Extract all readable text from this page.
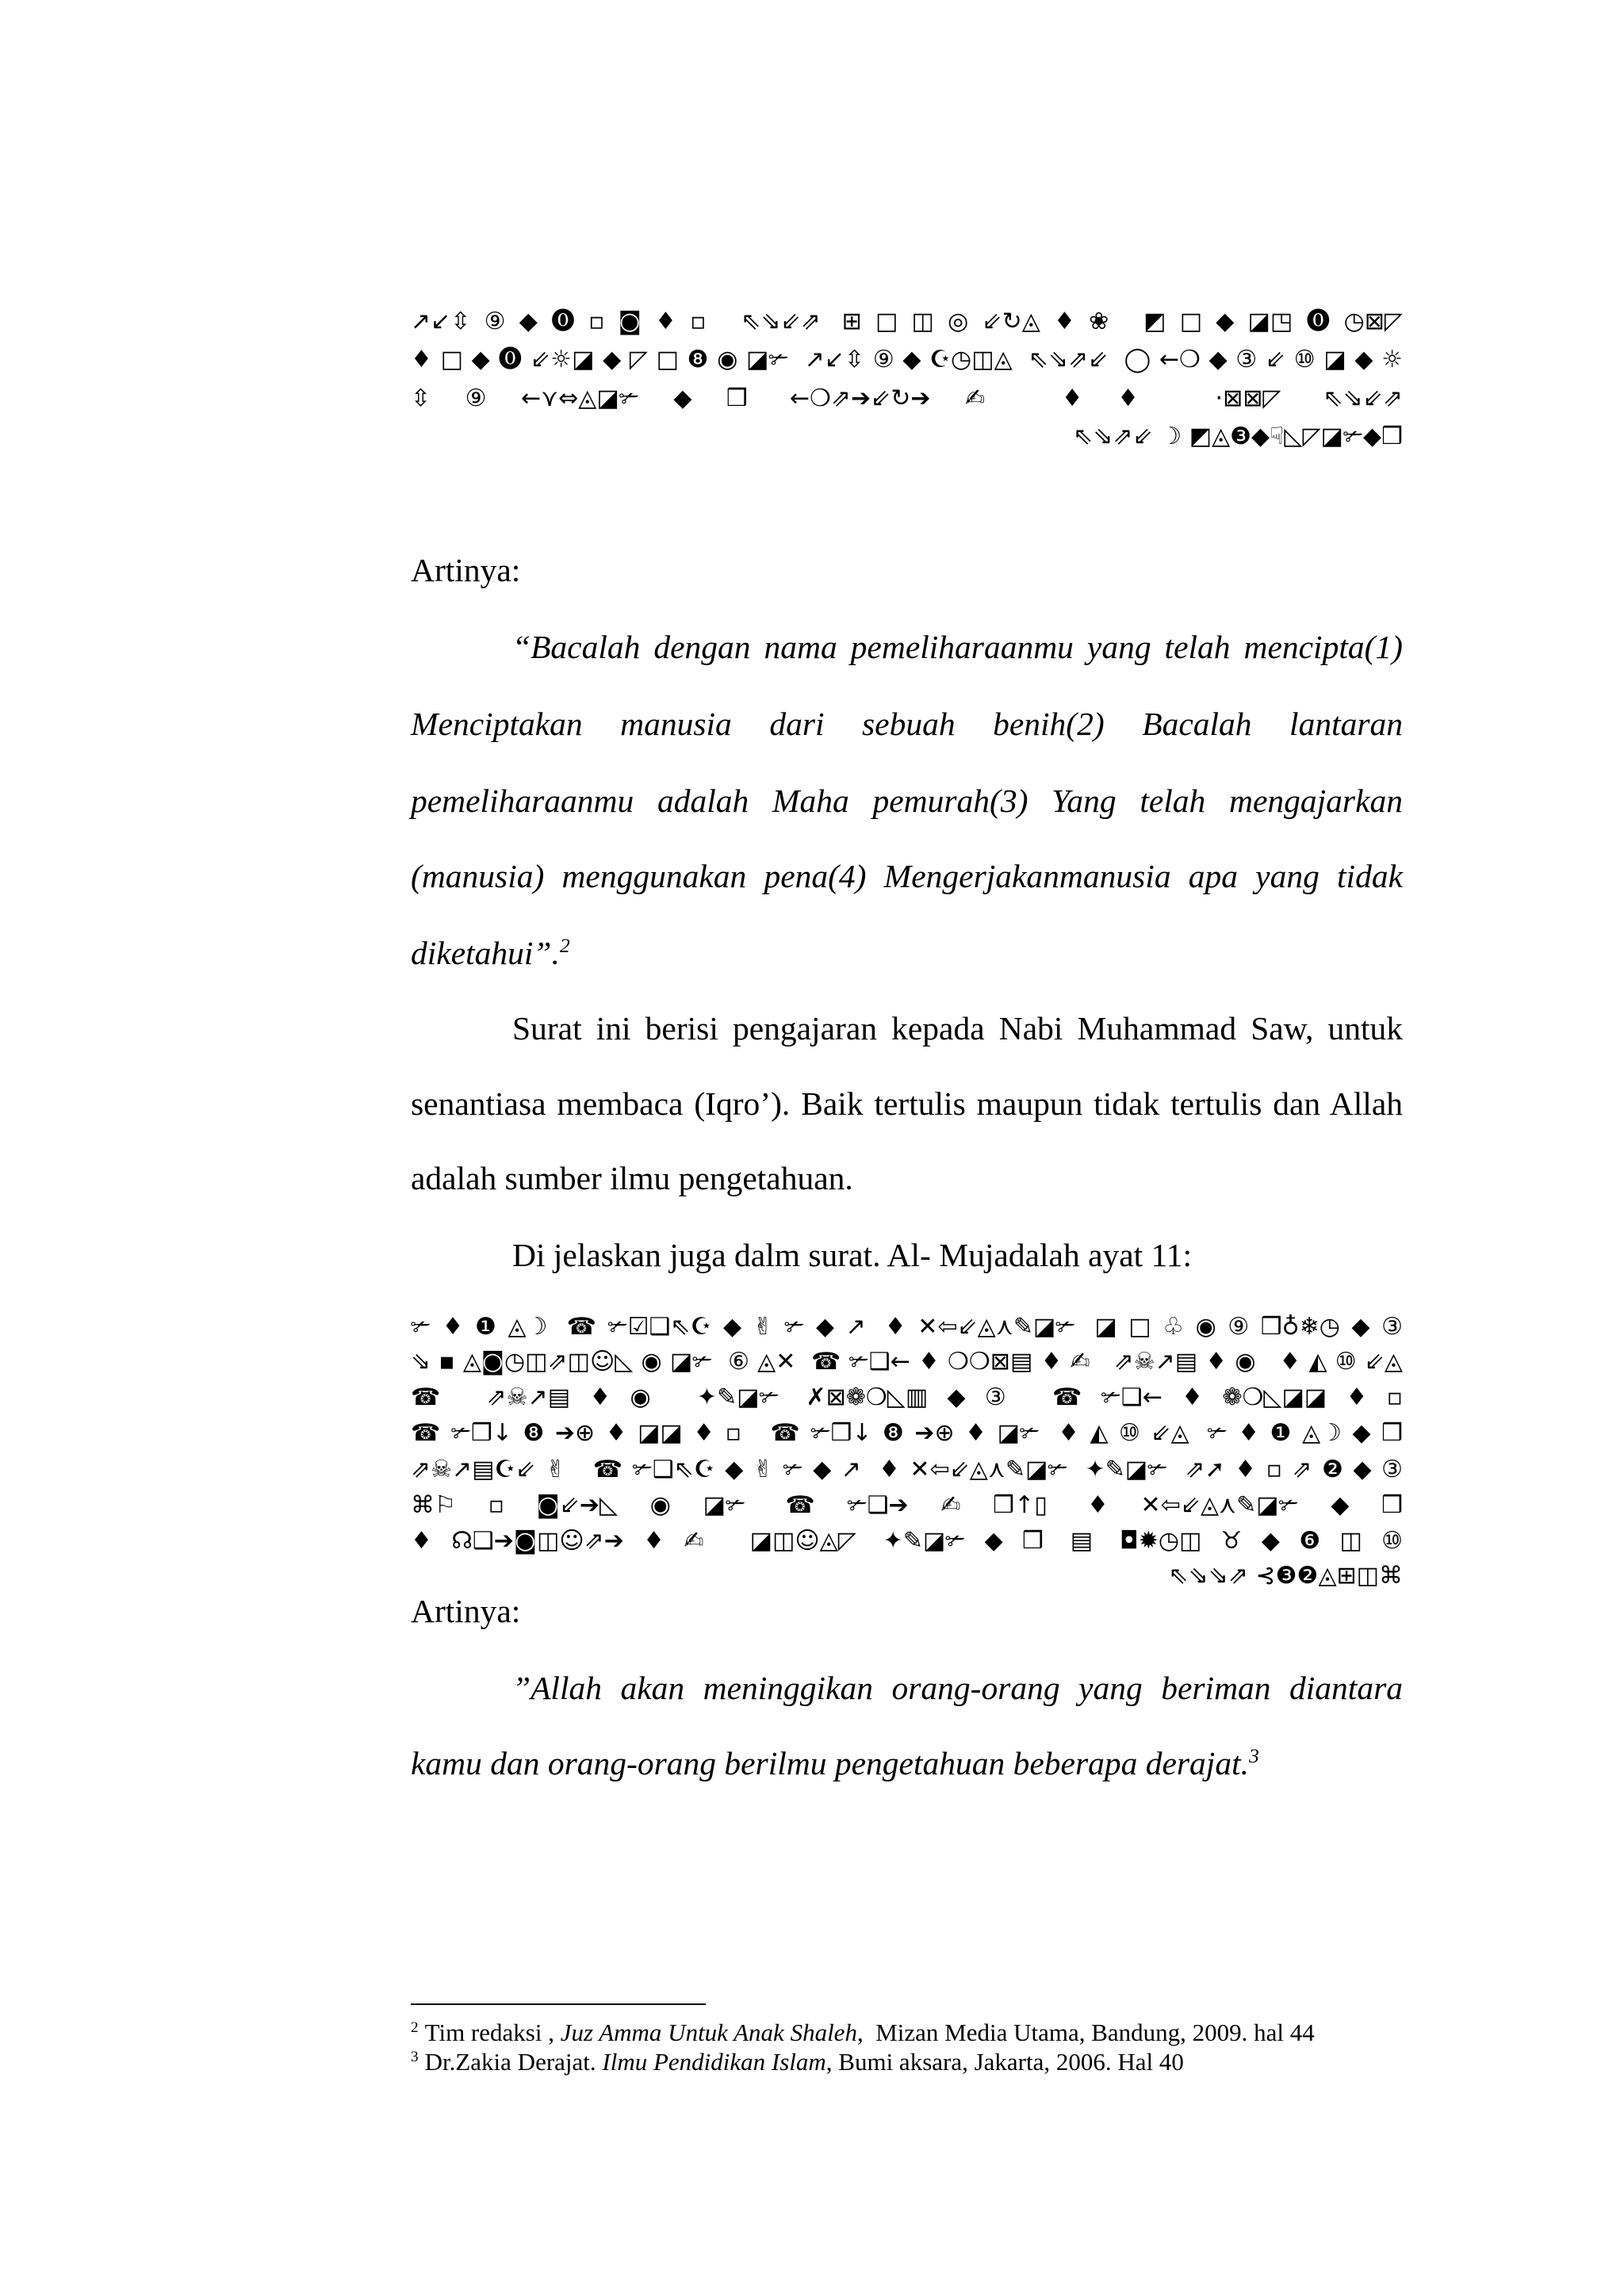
↗↙⇳⑨◆⓿▫◙♦▫ ⇖⇘⇙⇗ ⊞□◫◎⇙↻◬♦❀ ◩□◆◪◳⓿◷⊠◸
♦□◆⓿⇙☼◪◆◸□❽◉◪✃ ↗↙⇳⑨◆☪◷◫◬ ⇖⇘⇗⇙ ◯←❍◆③⇙⑩◪◆☼
⇳⑨←⋎⇔◬◪✃◆❒ ←❍⇗➔⇙↻➔✍ ♦♦ ·⊠⊠◸ ⇖⇘⇙⇗
⇖⇘⇗⇙ ☽ ◩◬❸◆☟◺◸◪✃◆❒
Artinya:
“Bacalah dengan nama pemeliharaanmu yang telah mencipta(1)
Menciptakan manusia dari sebuah benih(2) Bacalah lantaran
pemeliharaanmu adalah Maha pemurah(3) Yang telah mengajarkan
(manusia) menggunakan pena(4) Mengerjakanmanusia apa yang tidak
diketahui”.$^2$
Surat ini berisi pengajaran kepada Nabi Muhammad Saw, untuk
senantiasa membaca (Iqro’). Baik tertulis maupun tidak tertulis dan Allah
adalah sumber ilmu pengetahuan.
Di jelaskan juga dalm surat. Al- Mujadalah ayat 11:
✃♦❶◬☽ ☎✃☑❑⇖☪◆✌✃◆↗ ♦✕⇦⇙◬⋏✎◪✃ ◪□♧◉⑨❒♁❄◷◆③
⇘▪◬◙◷◫⇗◫☺◺◉◪✃ ⑥◬✕ ☎✃❑←♦❍❍⊠▤♦✍ ⇗☠↗▤♦◉ ♦◭⑩⇙◬
☎ ⇗☠↗▤♦◉ ✦✎◪✃ ✗⊠❁❍◺▥◆③ ☎✃❑←♦❁❍◺◪◪♦▫
☎✃❒↓❽➔⊕♦◪◪♦▫ ☎✃❒↓❽➔⊕♦◪✃ ♦◭⑩⇙◬ ✃♦❶◬☽◆❒
⇗☠↗▤☪⇙✌ ☎✃❑⇖☪◆✌✃◆↗ ♦✕⇦⇙◬⋏✎◪✃ ✦✎◪✃ ⇗➚♦▫⇗❷◆③
⌘⚐▫◙⇙➔◺◉◪✃ ☎✃❑➔✍❒↑▯ ♦✕⇦⇙◬⋏✎◪✃◆❒
♦☊❑➔◙◫☺⇗➔♦✍ ◪◫☺◬◸ ✦✎◪✃◆❒ ▤ ◘✹◷◫♉◆❻◫⑩
⇖⇘⇘⇗ ⊰❸❷◬⊞◫⌘
Artinya:
”Allah akan meninggikan orang-orang yang beriman diantara
kamu dan orang-orang berilmu pengetahuan beberapa derajat.$^3$
$^2$ Tim redaksi , Juz Amma Untuk Anak Shaleh,  Mizan Media Utama, Bandung, 2009. hal 44
$^3$ Dr.Zakia Derajat. Ilmu Pendidikan Islam, Bumi aksara, Jakarta, 2006. Hal 40
